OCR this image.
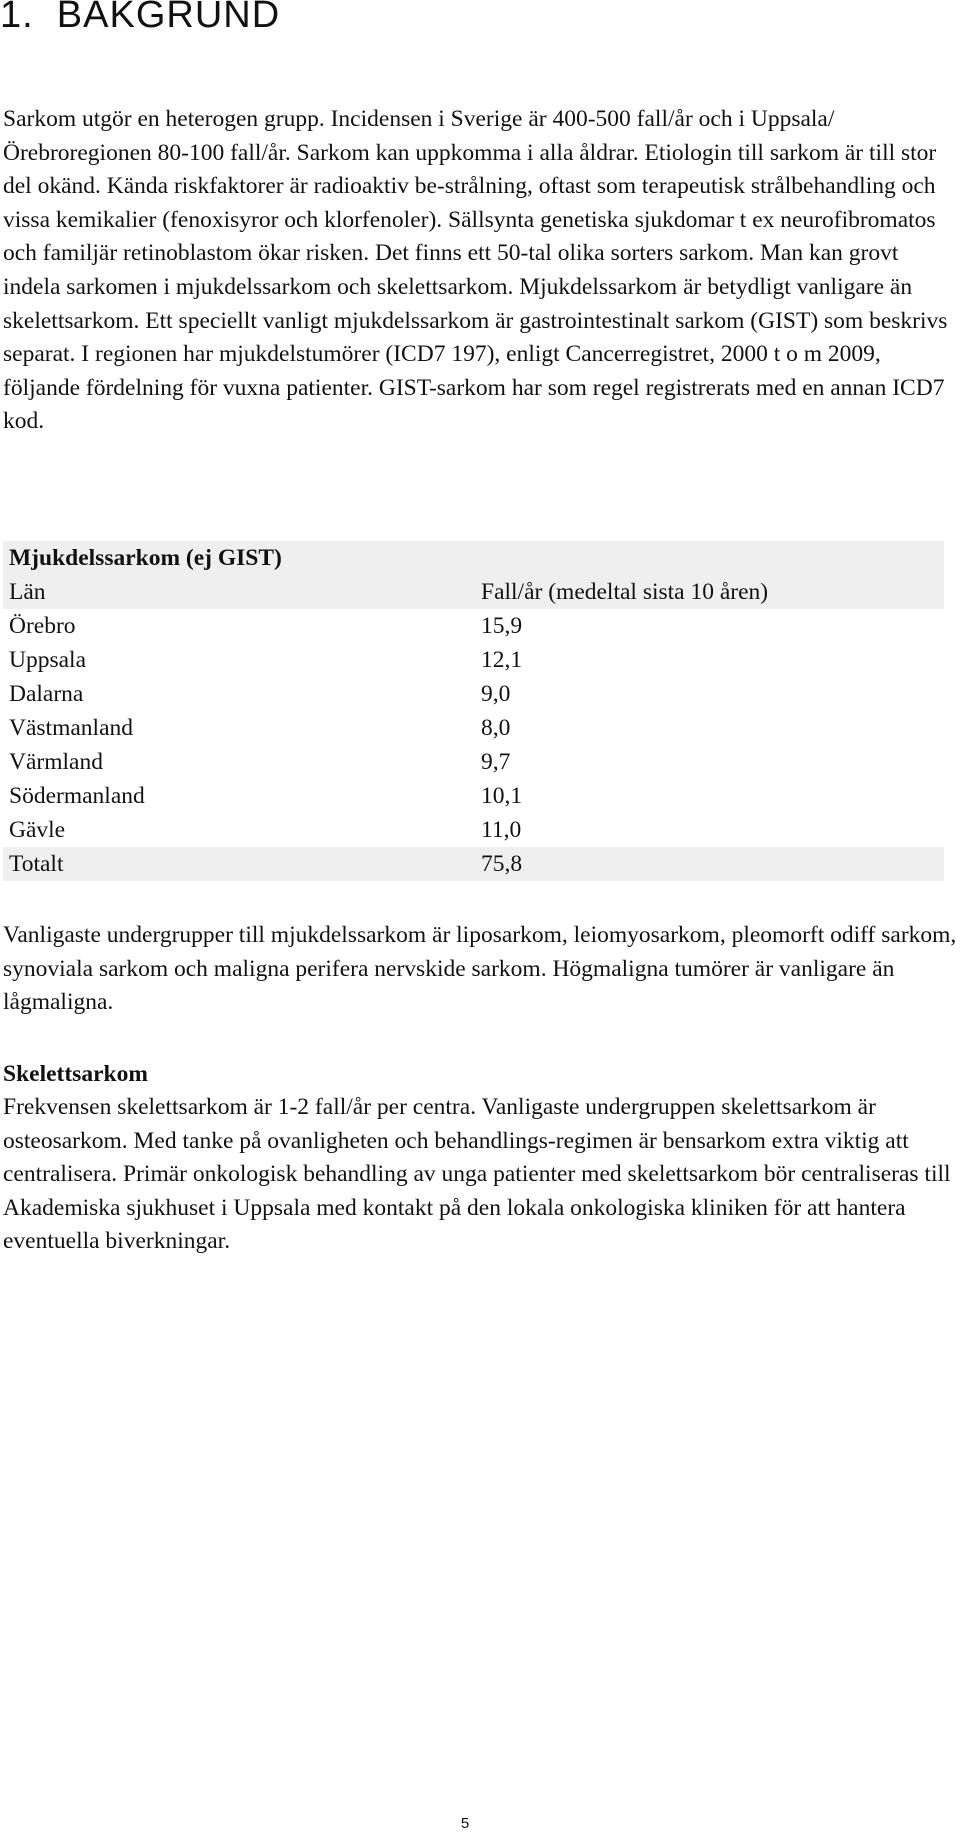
1.  BAKGRUND

Sarkom utgör en heterogen grupp. Incidensen i Sverige är 400-500 fall/år och i Uppsala/Örebroregionen 80-100 fall/år. Sarkom kan uppkomma i alla åldrar. Etiologin till sarkom är till stor del okänd. Kända riskfaktorer är radioaktiv be-strålning, oftast som terapeutisk strålbehandling och vissa kemikalier (fenoxisyror och klorfenoler). Sällsynta genetiska sjukdomar t ex neurofibromatos och familjär retinoblastom ökar risken. Det finns ett 50-tal olika sorters sarkom. Man kan grovt indela sarkomen i mjukdelssarkom och skelettsarkom. Mjukdelssarkom är betydligt vanligare än skelettsarkom. Ett speciellt vanligt mjukdelssarkom är gastrointestinalt sarkom (GIST) som beskrivs separat. I regionen har mjukdelstumörer (ICD7 197), enligt Cancerregistret, 2000 t o m 2009, följande fördelning för vuxna patienter. GIST-sarkom har som regel registrerats med en annan ICD7 kod.

Mjukdelssarkom (ej GIST)
Län	Fall/år (medeltal sista 10 åren)
Örebro	15,9
Uppsala	12,1
Dalarna	9,0
Västmanland	8,0
Värmland	9,7
Södermanland	10,1
Gävle	11,0
Totalt	75,8

Vanligaste undergrupper till mjukdelssarkom är liposarkom, leiomyosarkom, pleomorft odiff sarkom, synoviala sarkom och maligna perifera nervskide sarkom. Högmaligna tumörer är vanligare än lågmaligna.

Skelettsarkom

Frekvensen skelettsarkom är 1-2 fall/år per centra. Vanligaste undergruppen skelettsarkom är osteosarkom. Med tanke på ovanligheten och behandlings-regimen är bensarkom extra viktig att centralisera. Primär onkologisk behandling av unga patienter med skelettsarkom bör centraliseras till Akademiska sjukhuset i Uppsala med kontakt på den lokala onkologiska kliniken för att hantera eventuella biverkningar.

5
